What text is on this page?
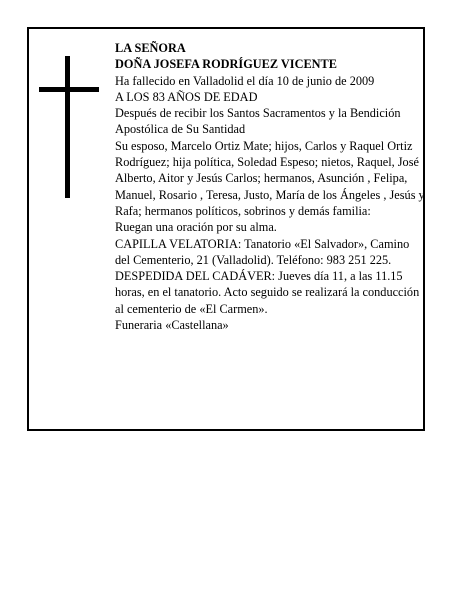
LA SEÑORA

DOÑA JOSEFA RODRÍGUEZ VICENTE

Ha fallecido en Valladolid el día 10 de junio de 2009

A LOS 83 AÑOS DE EDAD

Después de recibir los Santos Sacramentos y la Bendición Apostólica de Su Santidad

Su esposo, Marcelo Ortiz Mate; hijos, Carlos y Raquel Ortiz Rodríguez; hija política, Soledad Espeso; nietos, Raquel, José Alberto, Aitor y Jesús Carlos; hermanos, Asunción , Felipa, Manuel, Rosario , Teresa, Justo, María de los Ángeles , Jesús y Rafa; hermanos políticos, sobrinos y demás familia:

Ruegan una oración por su alma.

CAPILLA VELATORIA: Tanatorio «El Salvador», Camino del Cementerio, 21 (Valladolid). Teléfono: 983 251 225.

DESPEDIDA DEL CADÁVER: Jueves día 11, a las 11.15 horas, en el tanatorio. Acto seguido se realizará la conducción al cementerio de «El Carmen».

Funeraria «Castellana»
